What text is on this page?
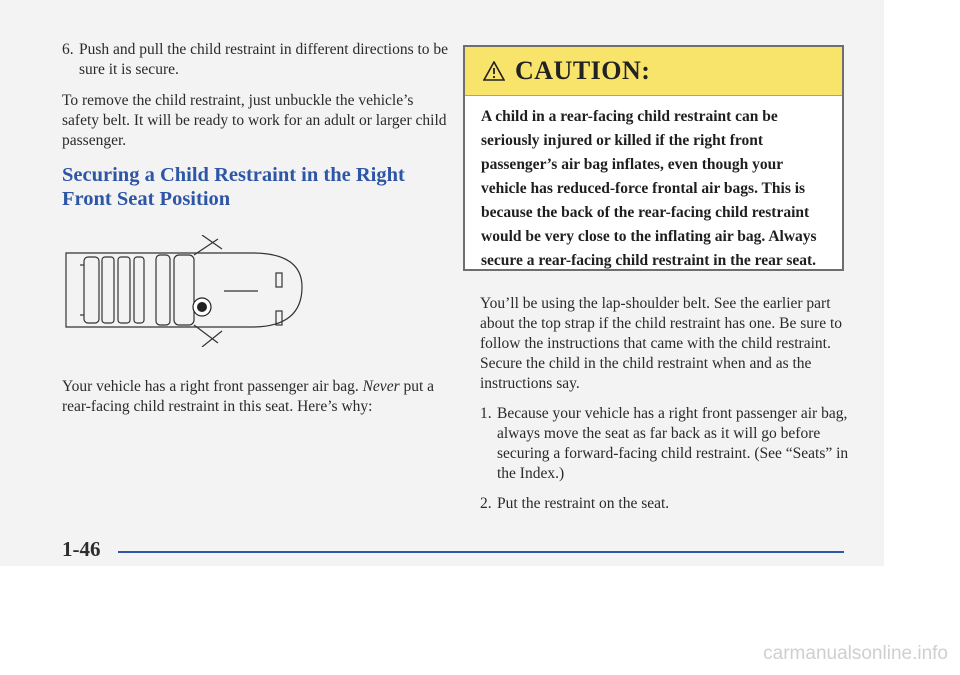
6. Push and pull the child restraint in different directions to be sure it is secure.
To remove the child restraint, just unbuckle the vehicle’s safety belt. It will be ready to work for an adult or larger child passenger.
Securing a Child Restraint in the Right Front Seat Position
Your vehicle has a right front passenger air bag. Never put a rear-facing child restraint in this seat. Here’s why:
CAUTION:
A child in a rear-facing child restraint can be seriously injured or killed if the right front passenger’s air bag inflates, even though your vehicle has reduced-force frontal air bags. This is because the back of the rear-facing child restraint would be very close to the inflating air bag. Always secure a rear-facing child restraint in the rear seat.
You’ll be using the lap-shoulder belt. See the earlier part about the top strap if the child restraint has one. Be sure to follow the instructions that came with the child restraint. Secure the child in the child restraint when and as the instructions say.
1. Because your vehicle has a right front passenger air bag, always move the seat as far back as it will go before securing a forward-facing child restraint. (See “Seats” in the Index.)
2. Put the restraint on the seat.
1-46
carmanualsonline.info
